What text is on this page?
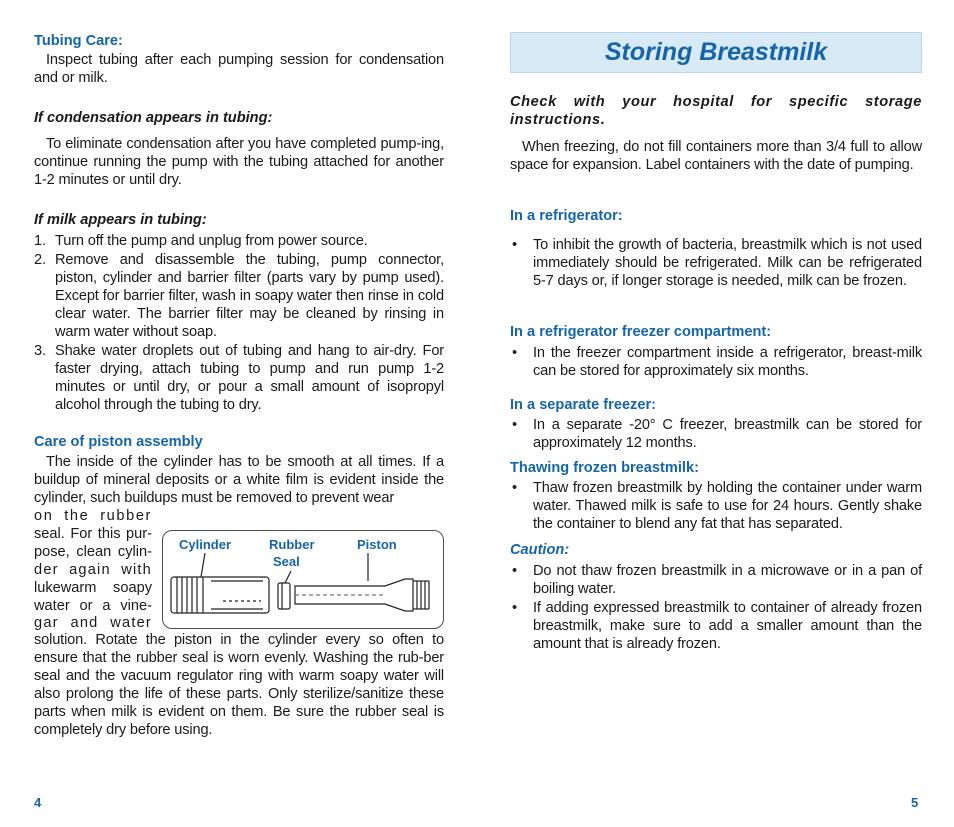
Tubing Care:

Inspect tubing after each pumping session for condensation and or milk.

If condensation appears in tubing:

To eliminate condensation after you have completed pump-ing, continue running the pump with the tubing attached for another 1-2 minutes or until dry.

If milk appears in tubing:
1. Turn off the pump and unplug from power source.
2. Remove and disassemble the tubing, pump connector, piston, cylinder and barrier filter (parts vary by pump used). Except for barrier filter, wash in soapy water then rinse in cold clear water. The barrier filter may be cleaned by rinsing in warm water without soap.
3. Shake water droplets out of tubing and hang to air-dry. For faster drying, attach tubing to pump and run pump 1-2 minutes or until dry, or pour a small amount of isopropyl alcohol through the tubing to dry.
Care of piston assembly

The inside of the cylinder has to be smooth at all times. If a buildup of mineral deposits or a white film is evident inside the cylinder, such buildups must be removed to prevent wear

on the rubber

seal. For this pur-

pose, clean cylin-

der again with

lukewarm soapy

water or a vine-

gar and water

Cylinder	Rubber
Seal
Piston

solution. Rotate the piston in the cylinder every so often to ensure that the rubber seal is worn evenly. Washing the rub-ber seal and the vacuum regulator ring with warm soapy water will also prolong the life of these parts. Only sterilize/sanitize these parts when milk is evident on them. Be sure the rubber seal is completely dry before using.

4
Storing Breastmilk
Check with your hospital for specific storage instructions.

When freezing, do not fill containers more than 3/4 full to allow space for expansion. Label containers with the date of pumping.

In a refrigerator:
• To inhibit the growth of bacteria, breastmilk which is not used immediately should be refrigerated. Milk can be refrigerated 5-7 days or, if longer storage is needed, milk can be frozen.
In a refrigerator freezer compartment:
• In the freezer compartment inside a refrigerator, breast-milk can be stored for approximately six months.
In a separate freezer:
• In a separate -20° C freezer, breastmilk can be stored for approximately 12 months.
Thawing frozen breastmilk:
• Thaw frozen breastmilk by holding the container under warm water. Thawed milk is safe to use for 24 hours. Gently shake the container to blend any fat that has separated.
Caution:
• Do not thaw frozen breastmilk in a microwave or in a pan of boiling water.
• If adding expressed breastmilk to container of already frozen breastmilk, make sure to add a smaller amount than the amount that is already frozen.
5
